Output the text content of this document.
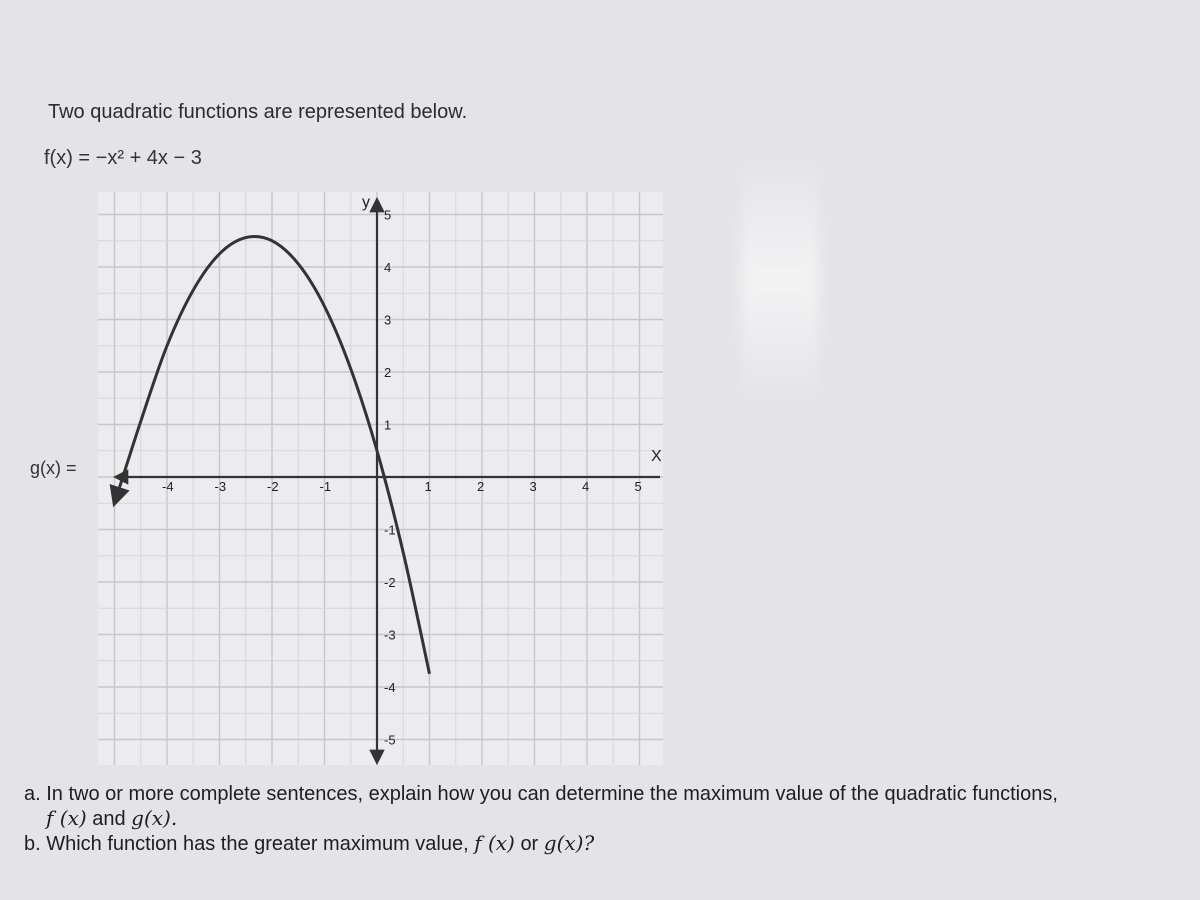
Two quadratic functions are represented below.
f(x) = −x² + 4x − 3
g(x) =
X
y
-4	-3	-2	-1	1	2	3	4	5
5
4
3
2
1
-1
-2
-3
-4
-5
a. In two or more complete sentences, explain how you can determine the maximum value of the quadratic functions,
f (x) and g(x).
b. Which function has the greater maximum value, f (x) or g(x)?
